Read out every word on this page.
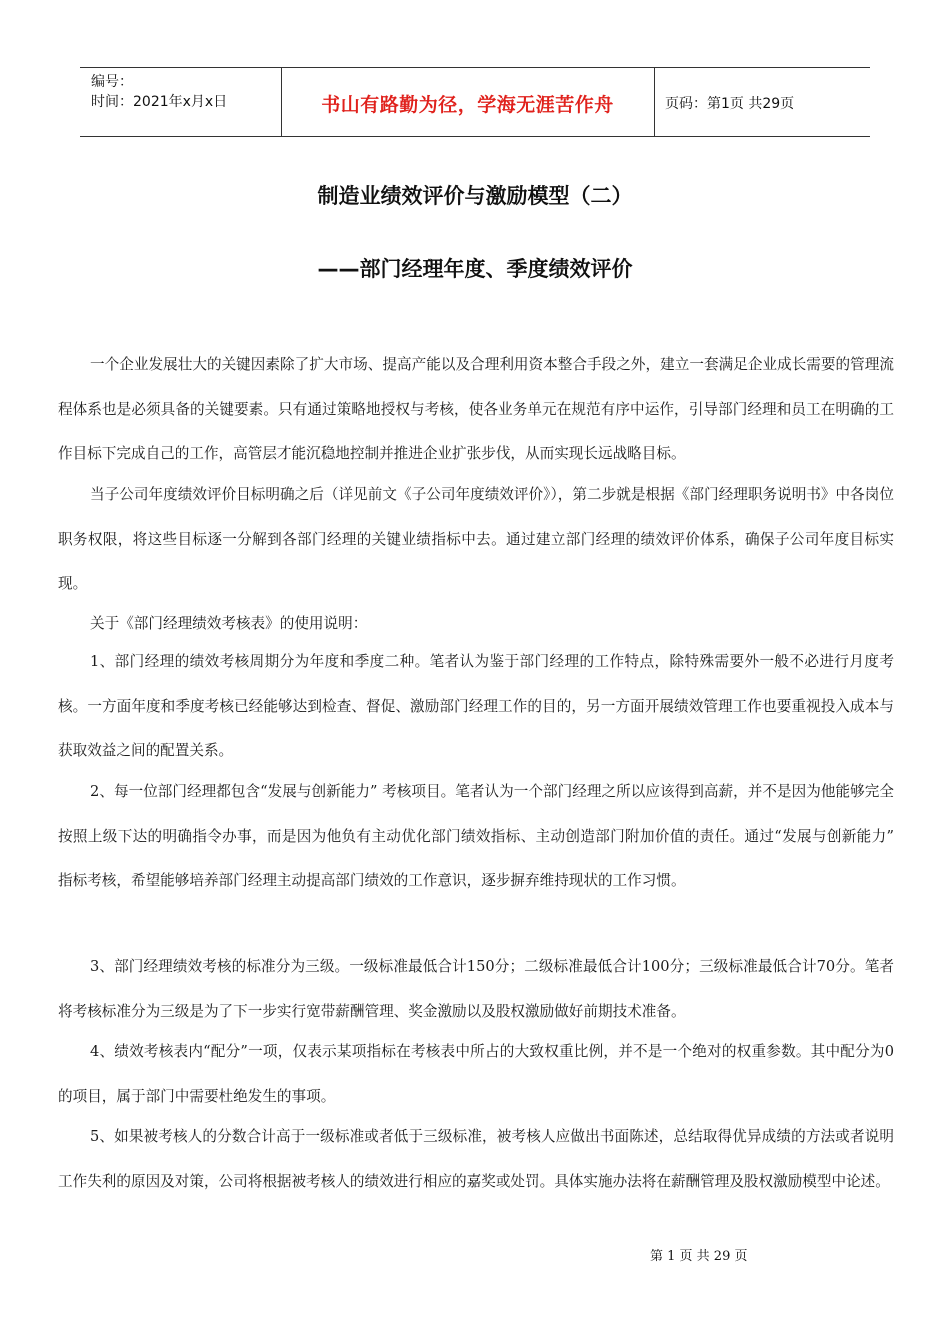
编号：
时间：2021年x月x日	书山有路勤为径，学海无涯苦作舟	页码：第1页 共29页
制造业绩效评价与激励模型（二）
——部门经理年度、季度绩效评价

一个企业发展壮大的关键因素除了扩大市场、提高产能以及合理利用资本整合手段之外，建立一套满足企业成长需要的管理流程体系也是必须具备的关键要素。只有通过策略地授权与考核，使各业务单元在规范有序中运作，引导部门经理和员工在明确的工作目标下完成自己的工作，高管层才能沉稳地控制并推进企业扩张步伐，从而实现长远战略目标。

当子公司年度绩效评价目标明确之后（详见前文《子公司年度绩效评价》），第二步就是根据《部门经理职务说明书》中各岗位职务权限，将这些目标逐一分解到各部门经理的关键业绩指标中去。通过建立部门经理的绩效评价体系，确保子公司年度目标实现。

关于《部门经理绩效考核表》的使用说明：

1、部门经理的绩效考核周期分为年度和季度二种。笔者认为鉴于部门经理的工作特点，除特殊需要外一般不必进行月度考核。一方面年度和季度考核已经能够达到检查、督促、激励部门经理工作的目的，另一方面开展绩效管理工作也要重视投入成本与获取效益之间的配置关系。

2、每一位部门经理都包含“发展与创新能力” 考核项目。笔者认为一个部门经理之所以应该得到高薪，并不是因为他能够完全按照上级下达的明确指令办事，而是因为他负有主动优化部门绩效指标、主动创造部门附加价值的责任。通过“发展与创新能力” 指标考核，希望能够培养部门经理主动提高部门绩效的工作意识，逐步摒弃维持现状的工作习惯。

3、部门经理绩效考核的标准分为三级。一级标准最低合计150分；二级标准最低合计100分；三级标准最低合计70分。笔者将考核标准分为三级是为了下一步实行宽带薪酬管理、奖金激励以及股权激励做好前期技术准备。

4、绩效考核表内“配分”一项，仅表示某项指标在考核表中所占的大致权重比例，并不是一个绝对的权重参数。其中配分为0的项目，属于部门中需要杜绝发生的事项。

5、如果被考核人的分数合计高于一级标准或者低于三级标准，被考核人应做出书面陈述，总结取得优异成绩的方法或者说明工作失利的原因及对策，公司将根据被考核人的绩效进行相应的嘉奖或处罚。具体实施办法将在薪酬管理及股权激励模型中论述。

第 1 页 共 29 页
